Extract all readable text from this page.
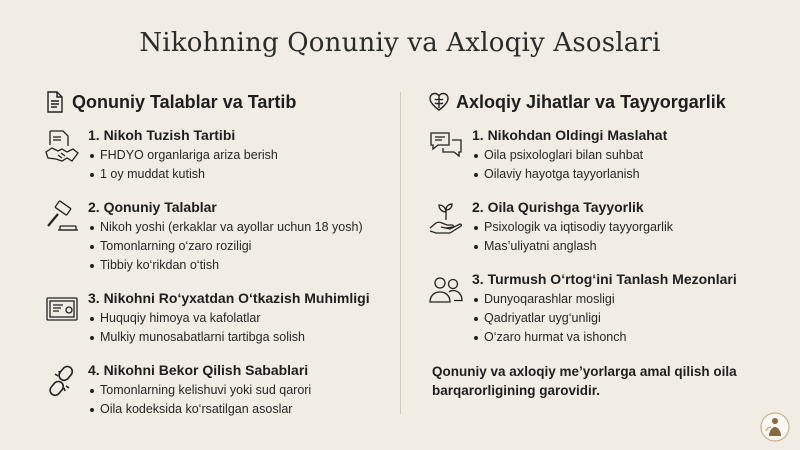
Nikohning Qonuniy va Axloqiy Asoslari
Qonuniy Talablar va Tartib
1. Nikoh Tuzish Tartibi
FHDYO organlariga ariza berish
1 oy muddat kutish
2. Qonuniy Talablar
Nikoh yoshi (erkaklar va ayollar uchun 18 yosh)
Tomonlarning o‘zaro roziligi
Tibbiy ko‘rikdan o‘tish
3. Nikohni Ro‘yxatdan O‘tkazish Muhimligi
Huquqiy himoya va kafolatlar
Mulkiy munosabatlarni tartibga solish
4. Nikohni Bekor Qilish Sabablari
Tomonlarning kelishuvi yoki sud qarori
Oila kodeksida ko‘rsatilgan asoslar
Axloqiy Jihatlar va Tayyorgarlik
1. Nikohdan Oldingi Maslahat
Oila psixologlari bilan suhbat
Oilaviy hayotga tayyorlanish
2. Oila Qurishga Tayyorlik
Psixologik va iqtisodiy tayyorgarlik
Mas’uliyatni anglash
3. Turmush O‘rtog‘ini Tanlash Mezonlari
Dunyoqarashlar mosligi
Qadriyatlar uyg‘unligi
O‘zaro hurmat va ishonch
Qonuniy va axloqiy me’yorlarga amal qilish oila barqarorligining garovidir.
